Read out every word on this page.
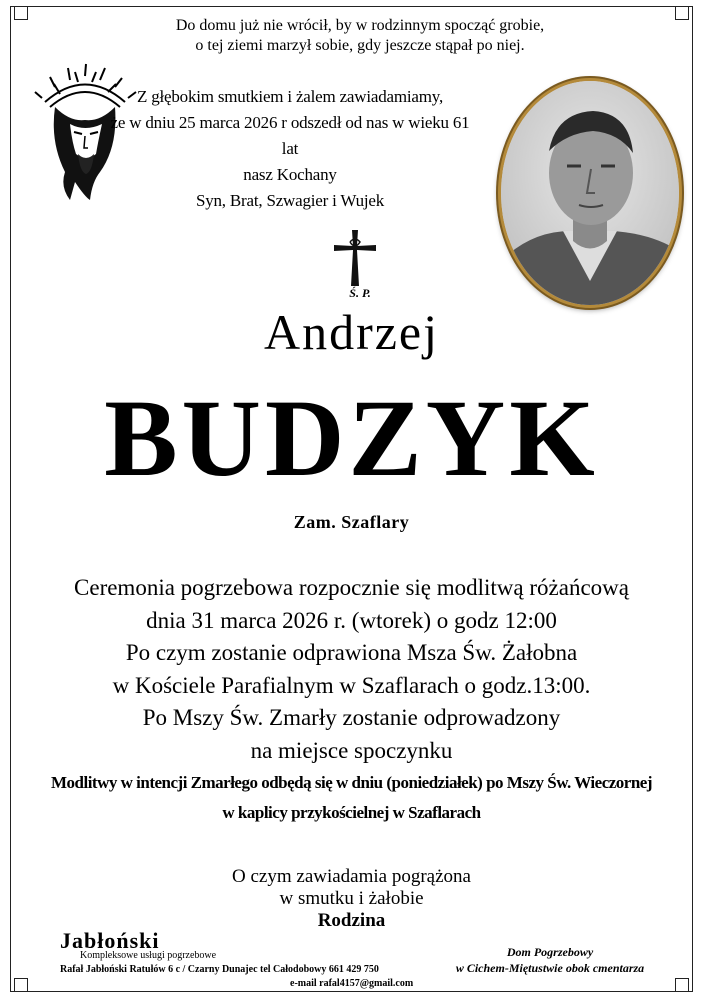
Do domu już nie wrócił, by w rodzinnym spocząć grobie,
o tej ziemi marzył sobie, gdy jeszcze stąpał po niej.
Z głębokim smutkiem i żalem zawiadamiamy,
że w dniu 25 marca 2026 r odszedł od nas w wieku 61 lat
nasz Kochany
Syn, Brat, Szwagier i Wujek
Ś. P.
Andrzej
BUDZYK
Zam. Szaflary
Ceremonia pogrzebowa rozpocznie się modlitwą różańcową
dnia 31 marca 2026 r. (wtorek) o godz 12:00
Po czym zostanie odprawiona Msza Św. Żałobna
w Kościele Parafialnym w Szaflarach o godz.13:00.
Po Mszy Św. Zmarły zostanie odprowadzony
na miejsce spoczynku
Modlitwy w intencji Zmarłego odbędą się w dniu (poniedziałek) po Mszy Św. Wieczornej
w kaplicy przykościelnej w Szaflarach
O czym zawiadamia pogrążona
w smutku i żałobie
Rodzina
Jabłoński
Kompleksowe usługi pogrzebowe
Rafał Jabłoński Ratułów 6 c / Czarny Dunajec tel Całodobowy 661 429 750
e-mail rafal4157@gmail.com
Dom Pogrzebowy
w Cichem-Miętustwie obok cmentarza
